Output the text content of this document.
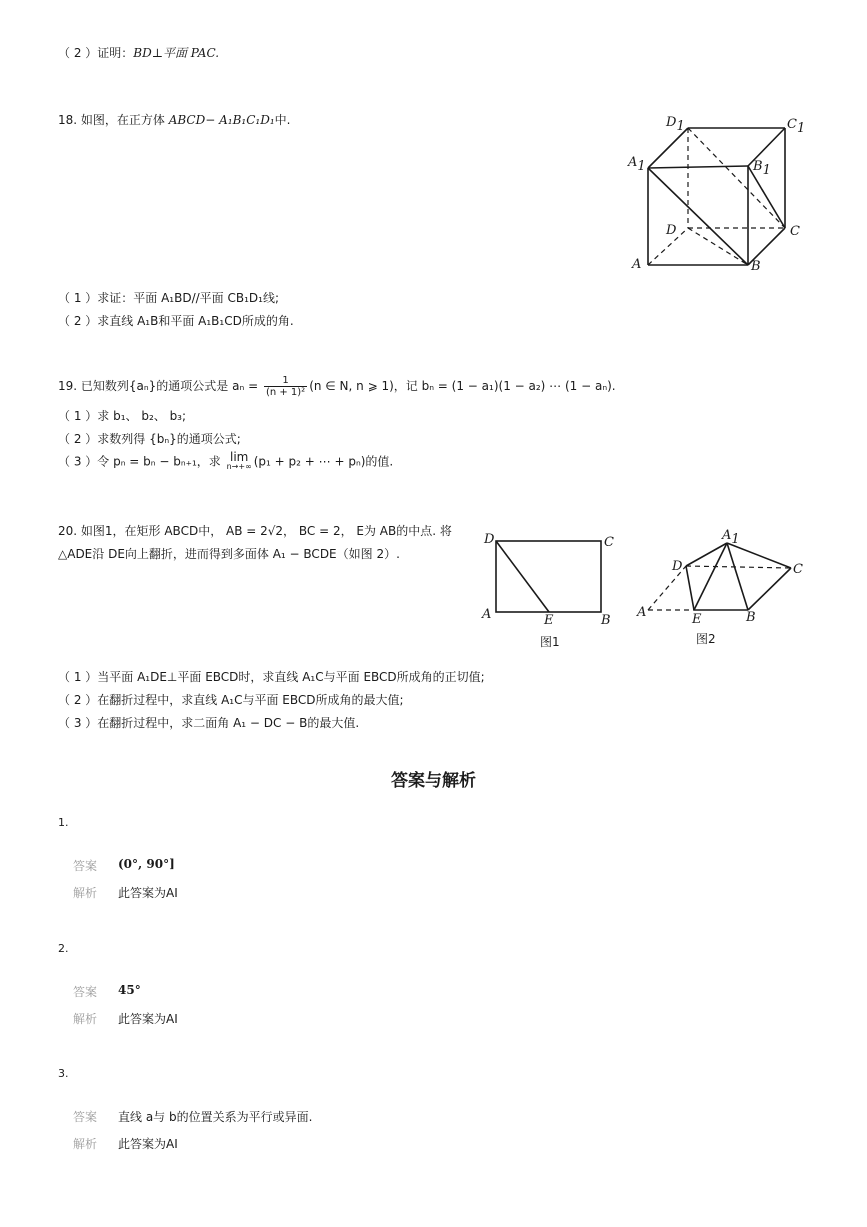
（ 2 ）证明：BD⊥平面 PAC.
18. 如图，在正方体 ABCD− A₁B₁C₁D₁中.	D1	C1
A1	B1
D	C
A	B
（ 1 ）求证：平面 A₁BD//平面 CB₁D₁线;
（ 2 ）求直线 A₁B和平面 A₁B₁CD所成的角.
19. 已知数列{aₙ}的通项公式是 $a_n = \frac{1}{\text{(n + 1)²}} (n$ ∈ N, n ⩾ 1)，记 bₙ = (1 − a₁)(1 − a₂) ⋯ (1 − aₙ).
（ 1 ）求 b₁、 b₂、 b₃;
（ 2 ）求数列得 {bₙ}的通项公式;
（ 3 ）令 pₙ = bₙ − bₙ₊₁，求 lim
n→+∞ (p₁ + p₂ + ⋯ + pₙ)的值.
20. 如图1，在矩形 ABCD中， AB = 2√2， BC = 2， E为 AB的中点. 将
△ADE沿 DE向上翻折，进而得到多面体 A₁ − BCDE（如图 2）.
D	C
A	E	B
图1
A1
D	C
A	E	B
图2
（ 1 ）当平面 A₁DE⊥平面 EBCD时，求直线 A₁C与平面 EBCD所成角的正切值;
（ 2 ）在翻折过程中，求直线 A₁C与平面 EBCD所成角的最大值;
（ 3 ）在翻折过程中，求二面角 A₁ − DC − B的最大值.
答案与解析
1.
答案 (0°, 90°]
解析 此答案为AI
2.
答案 45°
解析 此答案为AI
3.
答案 直线 a与 b的位置关系为平行或异面.
解析 此答案为AI
